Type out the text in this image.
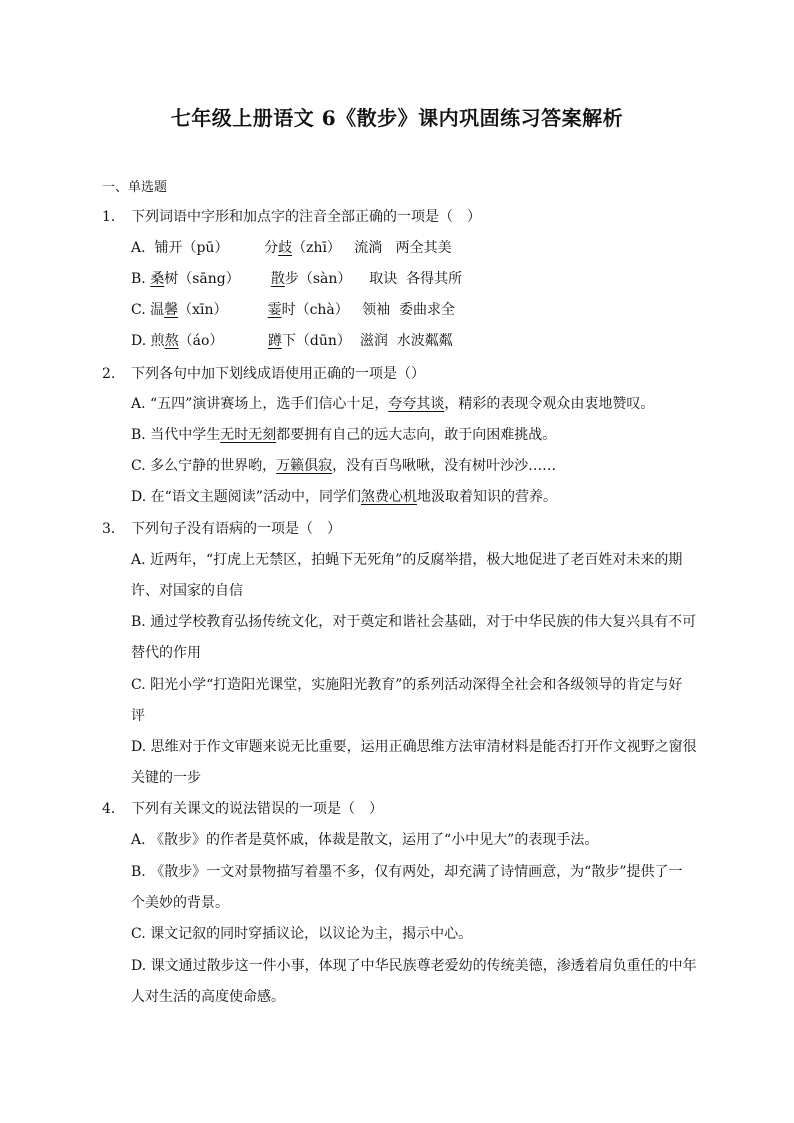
七年级上册语文 6《散步》课内巩固练习答案解析
一、单选题
1. 下列词语中字形和加点字的注音全部正确的一项是（　）
A. 铺开（pū）	分歧（zhī） 流淌 两全其美
B. 桑树（sāng） 散步（sàn） 取诀 各得其所
C. 温馨（xīn）	霎时（chà） 领袖 委曲求全
D. 煎熬（áo）	蹲下（dūn） 滋润 水波粼粼
2. 下列各句中加下划线成语使用正确的一项是（）
A. “五四”演讲赛场上，选手们信心十足，夸夸其谈，精彩的表现令观众由衷地赞叹。
B. 当代中学生无时无刻都要拥有自己的远大志向，敢于向困难挑战。
C. 多么宁静的世界哟，万籁俱寂，没有百鸟啾啾，没有树叶沙沙……
D. 在“语文主题阅读”活动中，同学们煞费心机地汲取着知识的营养。
3. 下列句子没有语病的一项是（　）
A. 近两年，“打虎上无禁区，拍蝇下无死角”的反腐举措，极大地促进了老百姓对未来的期
许、对国家的自信
B. 通过学校教育弘扬传统文化，对于奠定和谐社会基础，对于中华民族的伟大复兴具有不可
替代的作用
C. 阳光小学“打造阳光课堂，实施阳光教育”的系列活动深得全社会和各级领导的肯定与好
评
D. 思维对于作文审题来说无比重要，运用正确思维方法审清材料是能否打开作文视野之窗很
关键的一步
4. 下列有关课文的说法错误的一项是（　）
A. 《散步》的作者是莫怀戚，体裁是散文，运用了“小中见大”的表现手法。
B. 《散步》一文对景物描写着墨不多，仅有两处，却充满了诗情画意，为“散步”提供了一
个美妙的背景。
C. 课文记叙的同时穿插议论，以议论为主，揭示中心。
D. 课文通过散步这一件小事，体现了中华民族尊老爱幼的传统美德，渗透着肩负重任的中年
人对生活的高度使命感。
